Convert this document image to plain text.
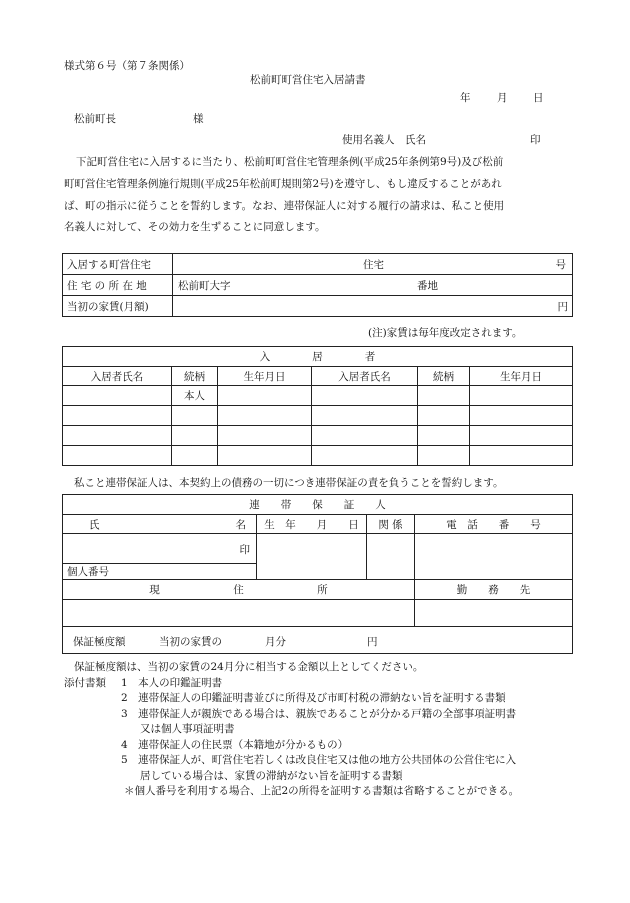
様式第６号（第７条関係）
松前町町営住宅入居請書
年	月 日
松前町長	様
使用名義人　氏名	印
下記町営住宅に入居するに当たり、松前町町営住宅管理条例(平成25年条例第9号)及び松前
町町営住宅管理条例施行規則(平成25年松前町規則第2号)を遵守し、もし違反することがあれ
ば、町の指示に従うことを誓約します。なお、連帯保証人に対する履行の請求は、私こと使用
名義人に対して、その効力を生ずることに同意します。
入居する町営住宅	住宅 号

住 宅 の 所 在 地	松前町大字 番地

当初の家賃(月額)	円
(注)家賃は毎年度改定されます。
入　　　　居　　　　者					
入居者氏名	続柄	生年月日	入居者氏名	続柄	生年月日
	本人				

私こと連帯保証人は、本契約上の債務の一切につき連帯保証の責を負うことを誓約します。
連　　帯　　保　　証　　人			

氏 名	生　年　　月　　日	関 係	電　話　　番　　号

印
個人番号			

現　　　　　　　住　　　　　　　所			勤　　務　　先

保証極度額 当初の家賃の 月分 円			
保証極度額は、当初の家賃の24月分に相当する金額以上としてください。
添付書類 1　本人の印鑑証明書
2　連帯保証人の印鑑証明書並びに所得及び市町村税の滞納ない旨を証明する書類
3　連帯保証人が親族である場合は、親族であることが分かる戸籍の全部事項証明書
又は個人事項証明書
4　連帯保証人の住民票（本籍地が分かるもの）
5　連帯保証人が、町営住宅若しくは改良住宅又は他の地方公共団体の公営住宅に入
居している場合は、家賃の滞納がない旨を証明する書類
＊個人番号を利用する場合、上記2の所得を証明する書類は省略することができる。
